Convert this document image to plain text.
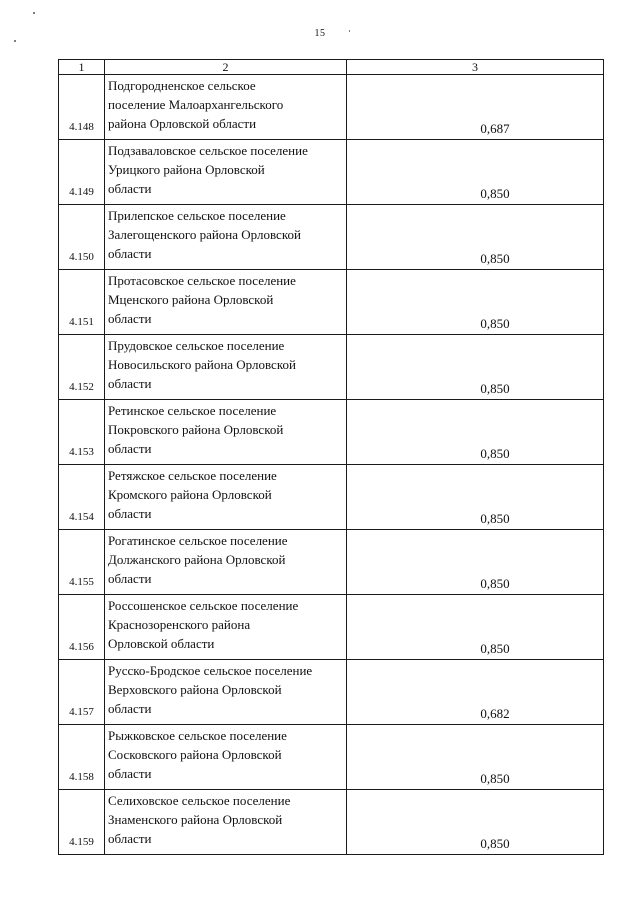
15
1	2	3
4.148	Подгородненское сельское
поселение Малоархангельского
района Орловской области	0,687
4.149	Подзаваловское сельское поселение
Урицкого района Орловской
области	0,850
4.150	Прилепское сельское поселение
Залегощенского района Орловской
области	0,850
4.151	Протасовское сельское поселение
Мценского района Орловской
области	0,850
4.152	Прудовское сельское поселение
Новосильского района Орловской
области	0,850
4.153	Ретинское сельское поселение
Покровского района Орловской
области	0,850
4.154	Ретяжское сельское поселение
Кромского района Орловской
области	0,850
4.155	Рогатинское сельское поселение
Должанского района Орловской
области	0,850
4.156	Россошенское сельское поселение
Краснозоренского района
Орловской области	0,850
4.157	Русско-Бродское сельское поселение
Верховского района Орловской
области	0,682
4.158	Рыжковское сельское поселение
Сосковского района Орловской
области	0,850
4.159	Селиховское сельское поселение
Знаменского района Орловской
области	0,850
